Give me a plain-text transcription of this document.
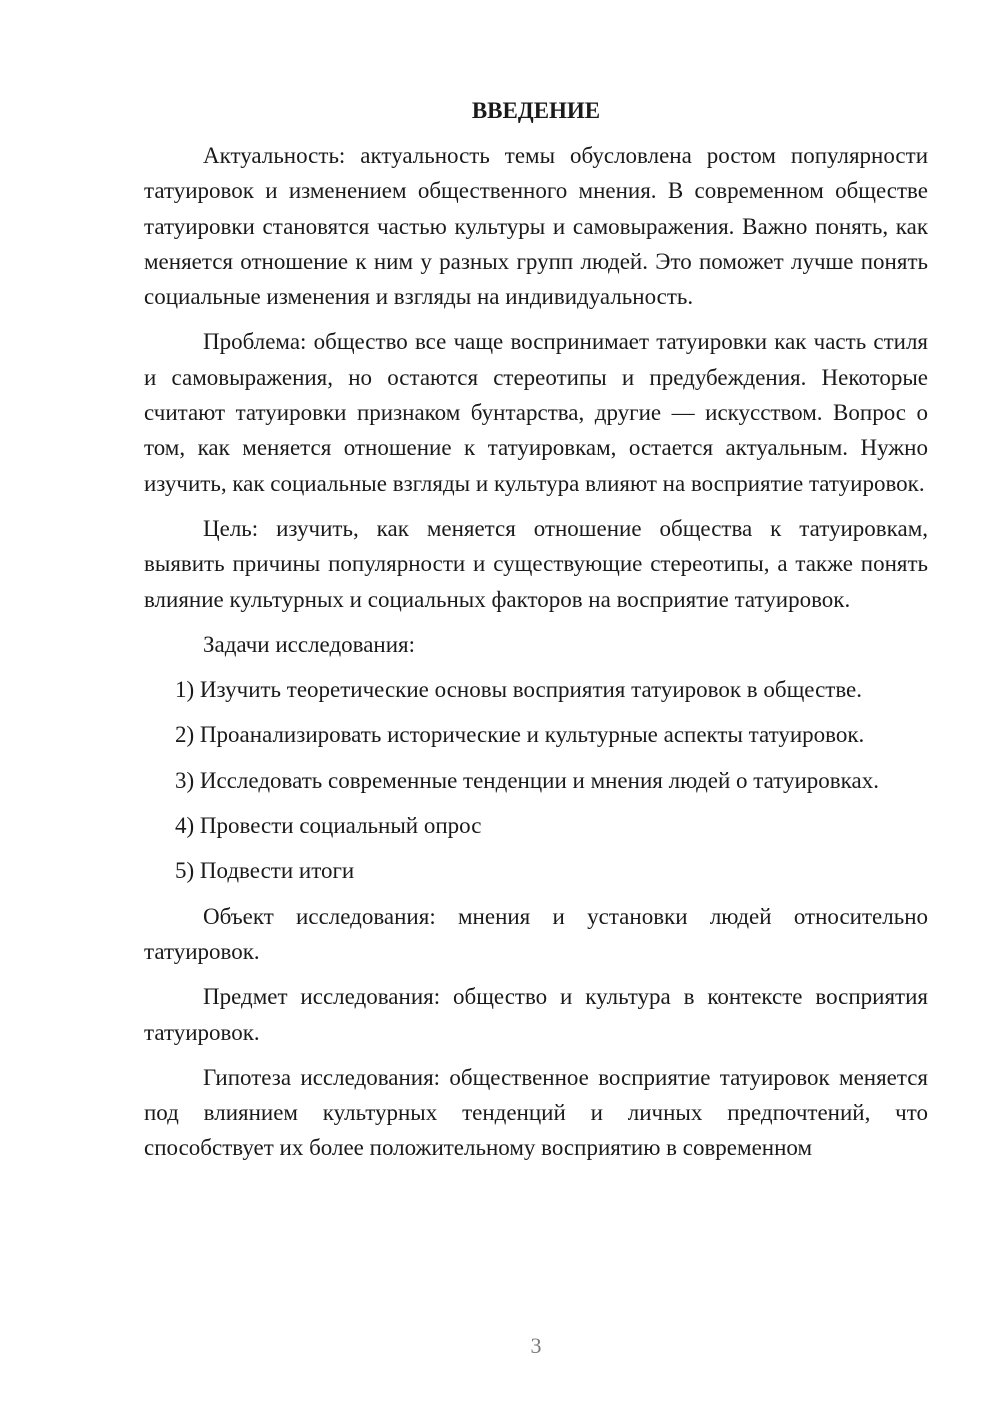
ВВЕДЕНИЕ

Актуальность: актуальность темы обусловлена ростом популярности татуировок и изменением общественного мнения. В современном обществе татуировки становятся частью культуры и самовыражения. Важно понять, как меняется отношение к ним у разных групп людей. Это поможет лучше понять социальные изменения и взгляды на индивидуальность.

Проблема: общество все чаще воспринимает татуировки как часть стиля и самовыражения, но остаются стереотипы и предубеждения. Некоторые считают татуировки признаком бунтарства, другие — искусством. Вопрос о том, как меняется отношение к татуировкам, остается актуальным. Нужно изучить, как социальные взгляды и культура влияют на восприятие татуировок.

Цель: изучить, как меняется отношение общества к татуировкам, выявить причины популярности и существующие стереотипы, а также понять влияние культурных и социальных факторов на восприятие татуировок.

Задачи исследования:

1) Изучить теоретические основы восприятия татуировок в обществе.

2) Проанализировать исторические и культурные аспекты татуировок.

3) Исследовать современные тенденции и мнения людей о татуировках.

4) Провести социальный опрос

5) Подвести итоги

Объект исследования: мнения и установки людей относительно татуировок.

Предмет исследования: общество и культура в контексте восприятия татуировок.

Гипотеза исследования: общественное восприятие татуировок меняется под влиянием культурных тенденций и личных предпочтений, что способствует их более положительному восприятию в современном

3
